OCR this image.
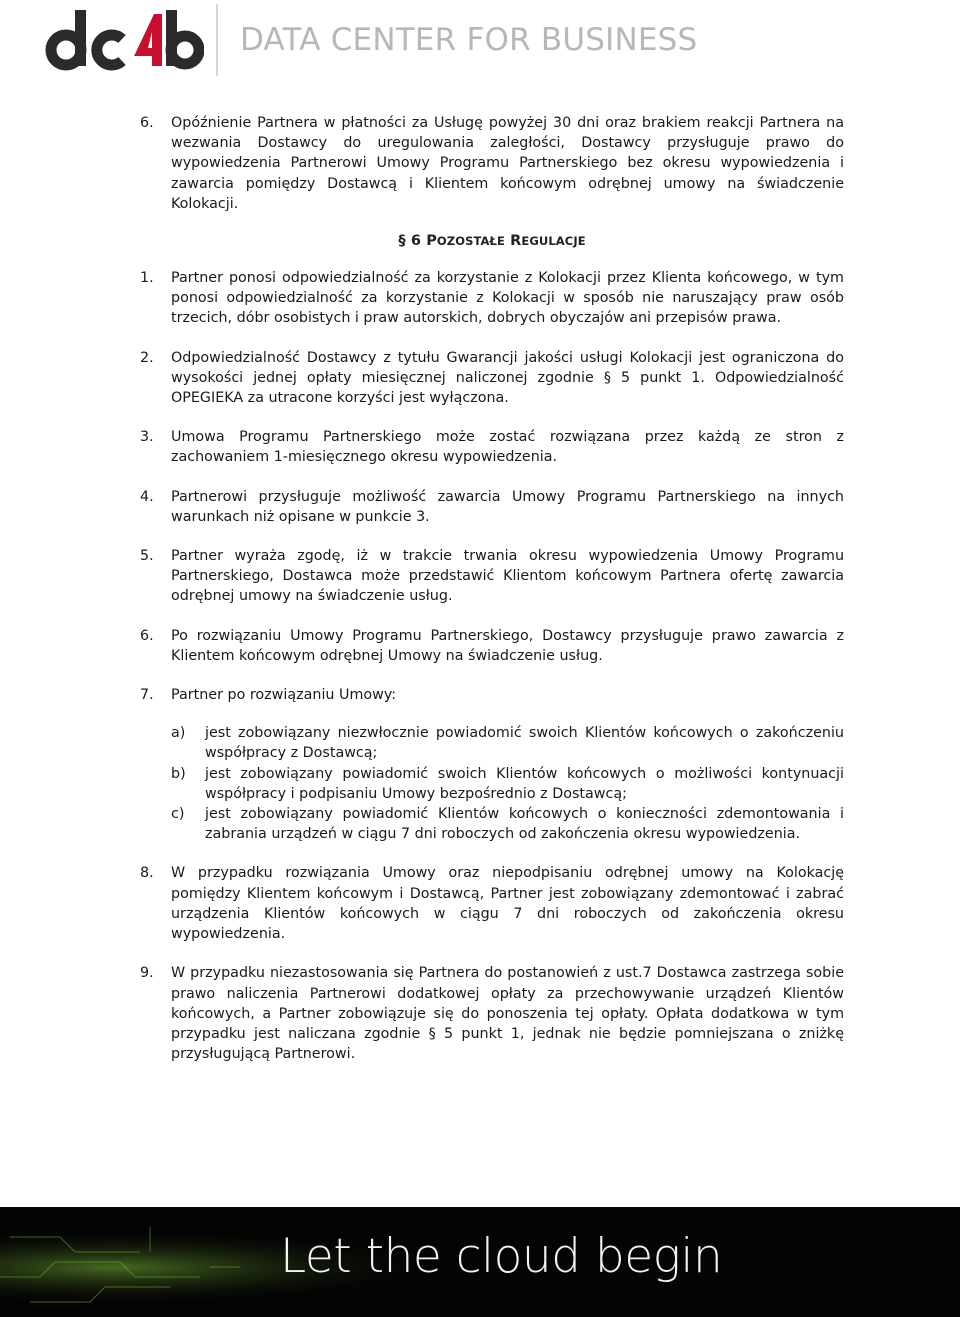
DATA CENTER FOR BUSINESS
6. Opóźnienie Partnera w płatności za Usługę powyżej 30 dni oraz brakiem reakcji Partnera na wezwania Dostawcy do uregulowania zaległości, Dostawcy przysługuje prawo do wypowiedzenia Partnerowi Umowy Programu Partnerskiego bez okresu wypowiedzenia i zawarcia pomiędzy Dostawcą i Klientem końcowym odrębnej umowy na świadczenie Kolokacji.
§ 6 POZOSTAŁE REGULACJE
1. Partner ponosi odpowiedzialność za korzystanie z Kolokacji przez Klienta końcowego, w tym ponosi odpowiedzialność za korzystanie z Kolokacji w sposób nie naruszający praw osób trzecich, dóbr osobistych i praw autorskich, dobrych obyczajów ani przepisów prawa.
2. Odpowiedzialność Dostawcy z tytułu Gwarancji jakości usługi Kolokacji jest ograniczona do wysokości jednej opłaty miesięcznej naliczonej zgodnie § 5 punkt 1. Odpowiedzialność OPEGIEKA za utracone korzyści jest wyłączona.
3. Umowa Programu Partnerskiego może zostać rozwiązana przez każdą ze stron z zachowaniem 1-miesięcznego okresu wypowiedzenia.
4. Partnerowi przysługuje możliwość zawarcia Umowy Programu Partnerskiego na innych warunkach niż opisane w punkcie 3.
5. Partner wyraża zgodę, iż w trakcie trwania okresu wypowiedzenia Umowy Programu Partnerskiego, Dostawca może przedstawić Klientom końcowym Partnera ofertę zawarcia odrębnej umowy na świadczenie usług.
6. Po rozwiązaniu Umowy Programu Partnerskiego, Dostawcy przysługuje prawo zawarcia z Klientem końcowym odrębnej Umowy na świadczenie usług.
7. Partner po rozwiązaniu Umowy:
a) jest zobowiązany niezwłocznie powiadomić swoich Klientów końcowych o zakończeniu współpracy z Dostawcą;
b) jest zobowiązany powiadomić swoich Klientów końcowych o możliwości kontynuacji współpracy i podpisaniu Umowy bezpośrednio z Dostawcą;
c) jest zobowiązany powiadomić Klientów końcowych o konieczności zdemontowania i zabrania urządzeń w ciągu 7 dni roboczych od zakończenia okresu wypowiedzenia.
8. W przypadku rozwiązania Umowy oraz niepodpisaniu odrębnej umowy na Kolokację pomiędzy Klientem końcowym i Dostawcą, Partner jest zobowiązany zdemontować i zabrać urządzenia Klientów końcowych w ciągu 7 dni roboczych od zakończenia okresu wypowiedzenia.
9. W przypadku niezastosowania się Partnera do postanowień z ust.7 Dostawca zastrzega sobie prawo naliczenia Partnerowi dodatkowej opłaty za przechowywanie urządzeń Klientów końcowych, a Partner zobowiązuje się do ponoszenia tej opłaty. Opłata dodatkowa w tym przypadku jest naliczana zgodnie § 5 punkt 1, jednak nie będzie pomniejszana o zniżkę przysługującą Partnerowi.
Let the cloud begin
